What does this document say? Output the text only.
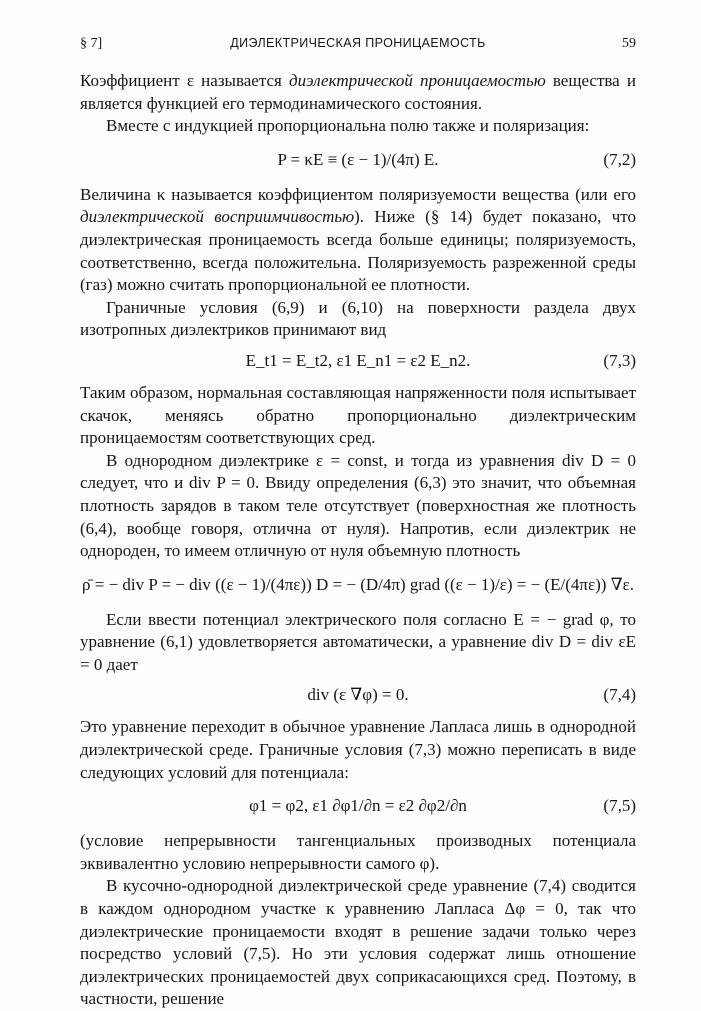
§ 7]	ДИЭЛЕКТРИЧЕСКАЯ ПРОНИЦАЕМОСТЬ	59

Коэффициент ε называется диэлектрической проницаемостью вещества и является функцией его термодинамического состояния.

Вместе с индукцией пропорциональна полю также и поляризация:

P = κE ≡ (ε − 1)/(4π) E.	(7,2)

Величина κ называется коэффициентом поляризуемости вещества (или его диэлектрической восприимчивостью). Ниже (§ 14) будет показано, что диэлектрическая проницаемость всегда больше единицы; поляризуемость, соответственно, всегда положительна. Поляризуемость разреженной среды (газ) можно считать пропорциональной ее плотности.

Граничные условия (6,9) и (6,10) на поверхности раздела двух изотропных диэлектриков принимают вид

E_t1 = E_t2, ε1 E_n1 = ε2 E_n2.	(7,3)

Таким образом, нормальная составляющая напряженности поля испытывает скачок, меняясь обратно пропорционально диэлектрическим проницаемостям соответствующих сред.

В однородном диэлектрике ε = const, и тогда из уравнения div D = 0 следует, что и div P = 0. Ввиду определения (6,3) это значит, что объемная плотность зарядов в таком теле отсутствует (поверхностная же плотность (6,4), вообще говоря, отлична от нуля). Напротив, если диэлектрик не однороден, то имеем отличную от нуля объемную плотность

ρ̄ = − div P = − div ((ε − 1)/(4πε)) D = − (D/4π) grad ((ε − 1)/ε) = − (E/(4πε)) ∇ε.

Если ввести потенциал электрического поля согласно E = − grad φ, то уравнение (6,1) удовлетворяется автоматически, а уравнение div D = div εE = 0 дает

div (ε ∇φ) = 0.	(7,4)

Это уравнение переходит в обычное уравнение Лапласа лишь в однородной диэлектрической среде. Граничные условия (7,3) можно переписать в виде следующих условий для потенциала:

φ1 = φ2, ε1 ∂φ1/∂n = ε2 ∂φ2/∂n	(7,5)

(условие непрерывности тангенциальных производных потенциала эквивалентно условию непрерывности самого φ).

В кусочно-однородной диэлектрической среде уравнение (7,4) сводится в каждом однородном участке к уравнению Лапласа Δφ = 0, так что диэлектрические проницаемости входят в решение задачи только через посредство условий (7,5). Но эти условия содержат лишь отношение диэлектрических проницаемостей двух соприкасающихся сред. Поэтому, в частности, решение
